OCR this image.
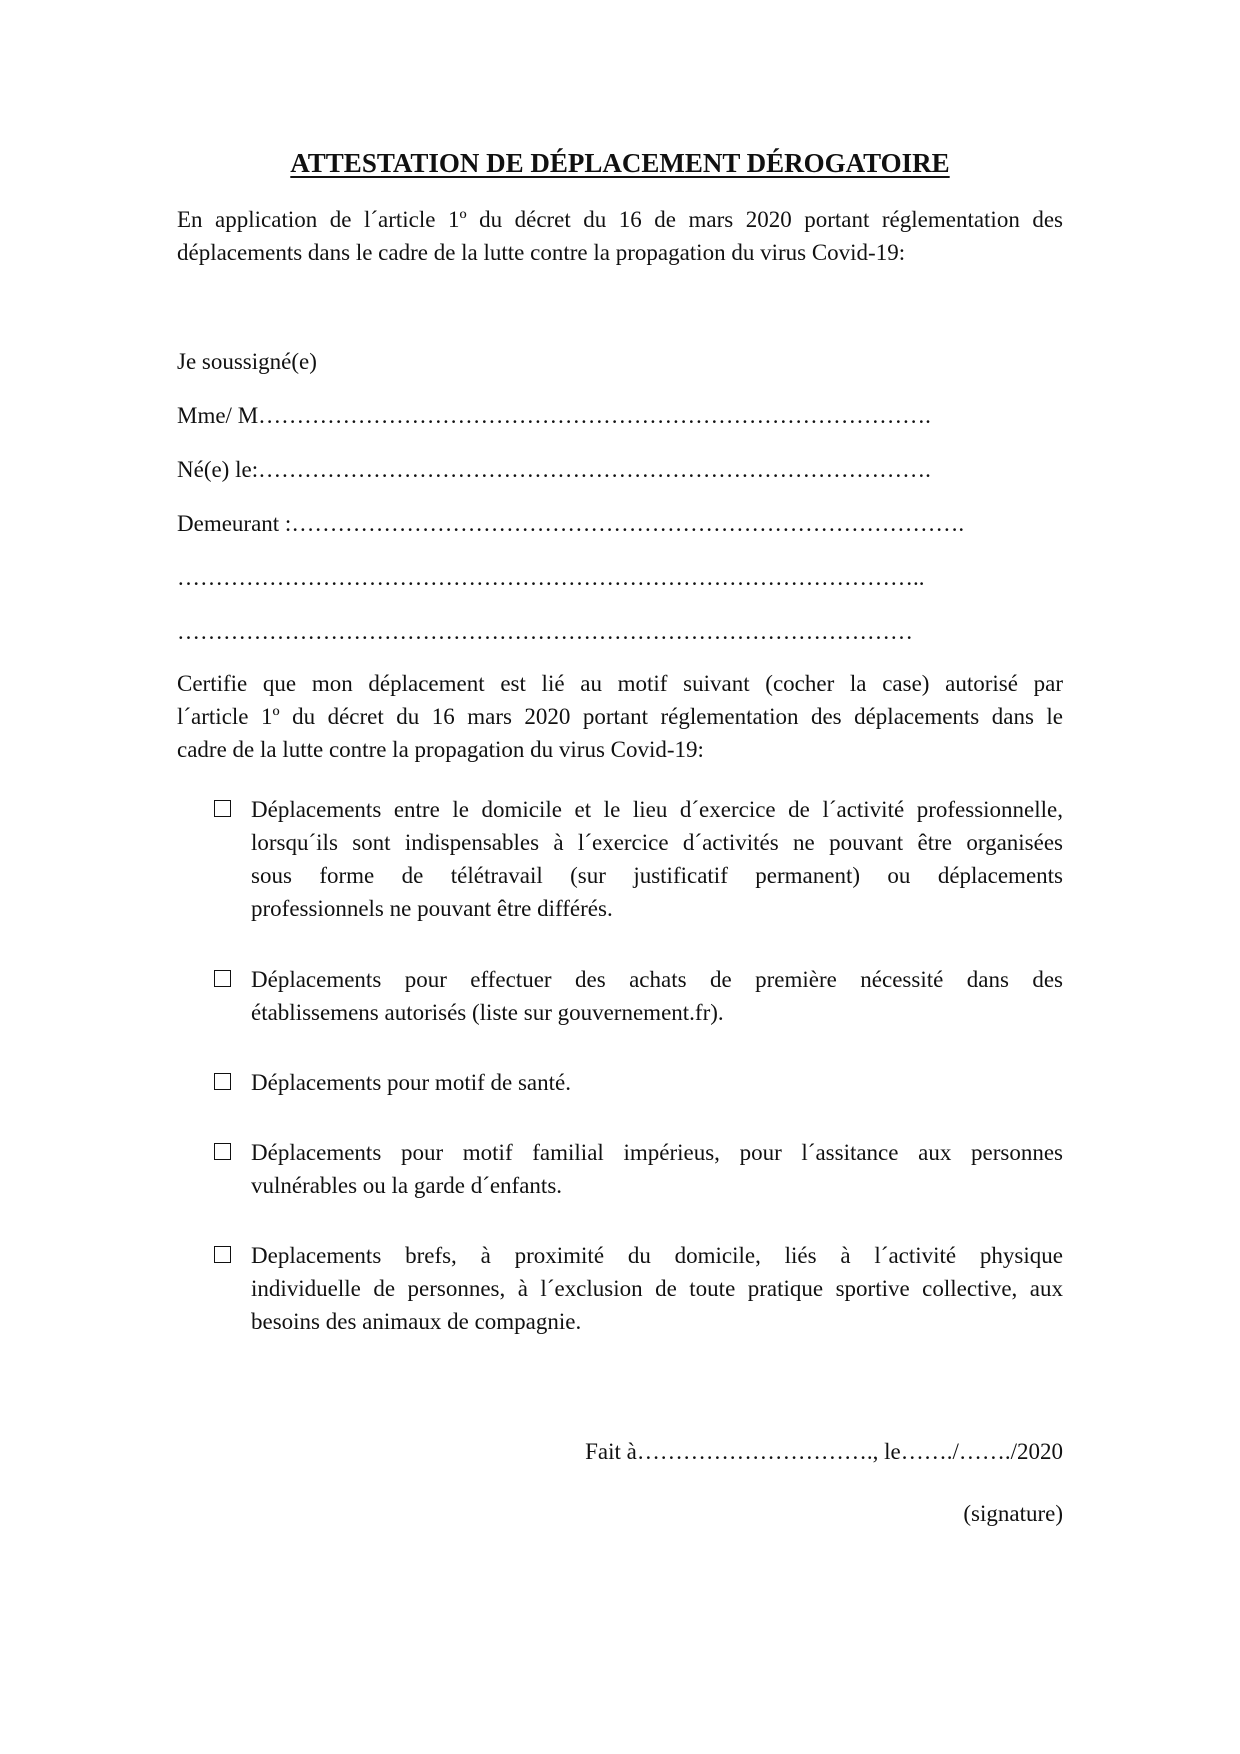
ATTESTATION DE DÉPLACEMENT DÉROGATOIRE

En application de l´article 1º du décret du 16 de mars 2020 portant réglementation des
déplacements dans le cadre de la lutte contre la propagation du virus Covid-19:

Je soussigné(e)

Mme/ M…………………………………………………………………………….

Né(e) le:…………………………………………………………………………….

Demeurant :…………………………………………………………………………….

……………………………………………………………………………………..

……………………………………………………………………………………

Certifie que mon déplacement est lié au motif suivant (cocher la case) autorisé par
l´article 1º du décret du 16 mars 2020 portant réglementation des déplacements dans le
cadre de la lutte contre la propagation du virus Covid-19:

Déplacements entre le domicile et le lieu d´exercice de l´activité professionnelle,
lorsqu´ils sont indispensables à l´exercice d´activités ne pouvant être organisées
sous forme de télétravail (sur justificatif permanent) ou déplacements
professionnels ne pouvant être différés.
Déplacements pour effectuer des achats de première nécessité dans des
établissemens autorisés (liste sur gouvernement.fr).
Déplacements pour motif de santé.
Déplacements pour motif familial impérieus, pour l´assitance aux personnes
vulnérables ou la garde d´enfants.
Deplacements brefs, à proximité du domicile, liés à l´activité physique
individuelle de personnes, à l´exclusion de toute pratique sportive collective, aux
besoins des animaux de compagnie.

Fait à…………………………., le……./……./2020

(signature)
